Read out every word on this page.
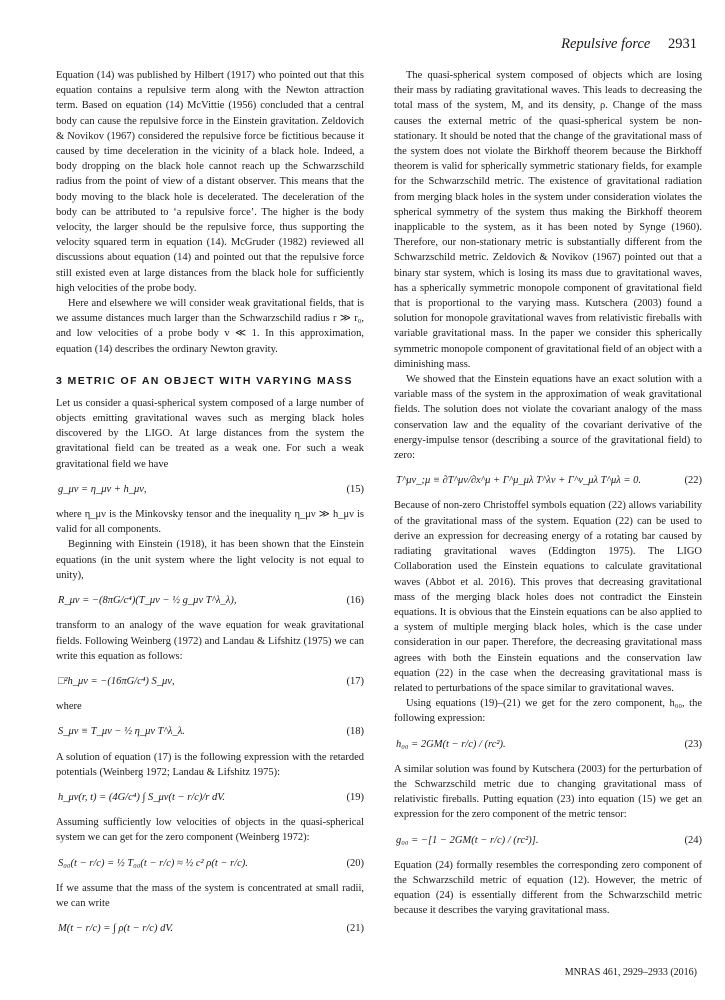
Repulsive force 2931

Equation (14) was published by Hilbert (1917) who pointed out that this equation contains a repulsive term along with the Newton attraction term. Based on equation (14) McVittie (1956) concluded that a central body can cause the repulsive force in the Einstein gravitation. Zeldovich & Novikov (1967) considered the repulsive force be fictitious because it caused by time deceleration in the vicinity of a black hole. Indeed, a body dropping on the black hole cannot reach up the Schwarzschild radius from the point of view of a distant observer. This means that the body moving to the black hole is decelerated. The deceleration of the body can be attributed to ‘a repulsive force’. The higher is the body velocity, the larger should be the repulsive force, thus supporting the velocity squared term in equation (14). McGruder (1982) reviewed all discussions about equation (14) and pointed out that the repulsive force still existed even at large distances from the black hole for sufficiently high velocities of the probe body.

Here and elsewhere we will consider weak gravitational fields, that is we assume distances much larger than the Schwarzschild radius r ≫ r₀, and low velocities of a probe body v ≪ 1. In this approximation, equation (14) describes the ordinary Newton gravity.

3 METRIC OF AN OBJECT WITH VARYING MASS

Let us consider a quasi-spherical system composed of a large number of objects emitting gravitational waves such as merging black holes discovered by the LIGO. At large distances from the system the gravitational field can be treated as a weak one. For such a weak gravitational field we have

g_μν = η_μν + h_μν,	(15)

where η_μν is the Minkovsky tensor and the inequality η_μν ≫ h_μν is valid for all components.

Beginning with Einstein (1918), it has been shown that the Einstein equations (in the unit system where the light velocity is not equal to unity),

R_μν = −(8πG/c⁴)(T_μν − ½ g_μν T^λ_λ),	(16)

transform to an analogy of the wave equation for weak gravitational fields. Following Weinberg (1972) and Landau & Lifshitz (1975) we can write this equation as follows:

□²h_μν = −(16πG/c⁴) S_μν,	(17)

where

S_μν ≡ T_μν − ½ η_μν T^λ_λ.	(18)

A solution of equation (17) is the following expression with the retarded potentials (Weinberg 1972; Landau & Lifshitz 1975):

h_μν(r, t) = (4G/c⁴) ∫ S_μν(t − r/c)/r dV.	(19)

Assuming sufficiently low velocities of objects in the quasi-spherical system we can get for the zero component (Weinberg 1972):

S₀₀(t − r/c) = ½ T₀₀(t − r/c) ≈ ½ c² ρ(t − r/c).	(20)

If we assume that the mass of the system is concentrated at small radii, we can write

M(t − r/c) = ∫ ρ(t − r/c) dV.	(21)

The quasi-spherical system composed of objects which are losing their mass by radiating gravitational waves. This leads to decreasing the total mass of the system, M, and its density, ρ. Change of the mass causes the external metric of the quasi-spherical system be non-stationary. It should be noted that the change of the gravitational mass of the system does not violate the Birkhoff theorem because the Birkhoff theorem is valid for spherically symmetric stationary fields, for example for the Schwarzschild metric. The existence of gravitational radiation from merging black holes in the system under consideration violates the spherical symmetry of the system thus making the Birkhoff theorem inapplicable to the system, as it has been noted by Synge (1960). Therefore, our non-stationary metric is substantially different from the Schwarzschild metric. Zeldovich & Novikov (1967) pointed out that a binary star system, which is losing its mass due to gravitational waves, has a spherically symmetric monopole component of gravitational field that is proportional to the varying mass. Kutschera (2003) found a solution for monopole gravitational waves from relativistic fireballs with variable gravitational mass. In the paper we consider this spherically symmetric monopole component of gravitational field of an object with a diminishing mass.

We showed that the Einstein equations have an exact solution with a variable mass of the system in the approximation of weak gravitational fields. The solution does not violate the covariant analogy of the mass conservation law and the equality of the covariant derivative of the energy-impulse tensor (describing a source of the gravitational field) to zero:

T^μν_;μ ≡ ∂T^μν/∂x^μ + Γ^μ_μλ T^λν + Γ^ν_μλ T^μλ = 0.	(22)

Because of non-zero Christoffel symbols equation (22) allows variability of the gravitational mass of the system. Equation (22) can be used to derive an expression for decreasing energy of a rotating bar caused by radiating gravitational waves (Eddington 1975). The LIGO Collaboration used the Einstein equations to calculate gravitational waves (Abbot et al. 2016). This proves that decreasing gravitational mass of the merging black holes does not contradict the Einstein equations. It is obvious that the Einstein equations can be also applied to a system of multiple merging black holes, which is the case under consideration in our paper. Therefore, the decreasing gravitational mass agrees with both the Einstein equations and the conservation law equation (22) in the case when the decreasing gravitational mass is related to perturbations of the space similar to gravitational waves.

Using equations (19)–(21) we get for the zero component, h₀₀, the following expression:

h₀₀ = 2GM(t − r/c) / (rc²).	(23)

A similar solution was found by Kutschera (2003) for the perturbation of the Schwarzschild metric due to changing gravitational mass of relativistic fireballs. Putting equation (23) into equation (15) we get an expression for the zero component of the metric tensor:

g₀₀ = −[1 − 2GM(t − r/c) / (rc²)].	(24)

Equation (24) formally resembles the corresponding zero component of the Schwarzschild metric of equation (12). However, the metric of equation (24) is essentially different from the Schwarzschild metric because it describes the varying gravitational mass.

MNRAS 461, 2929–2933 (2016)
